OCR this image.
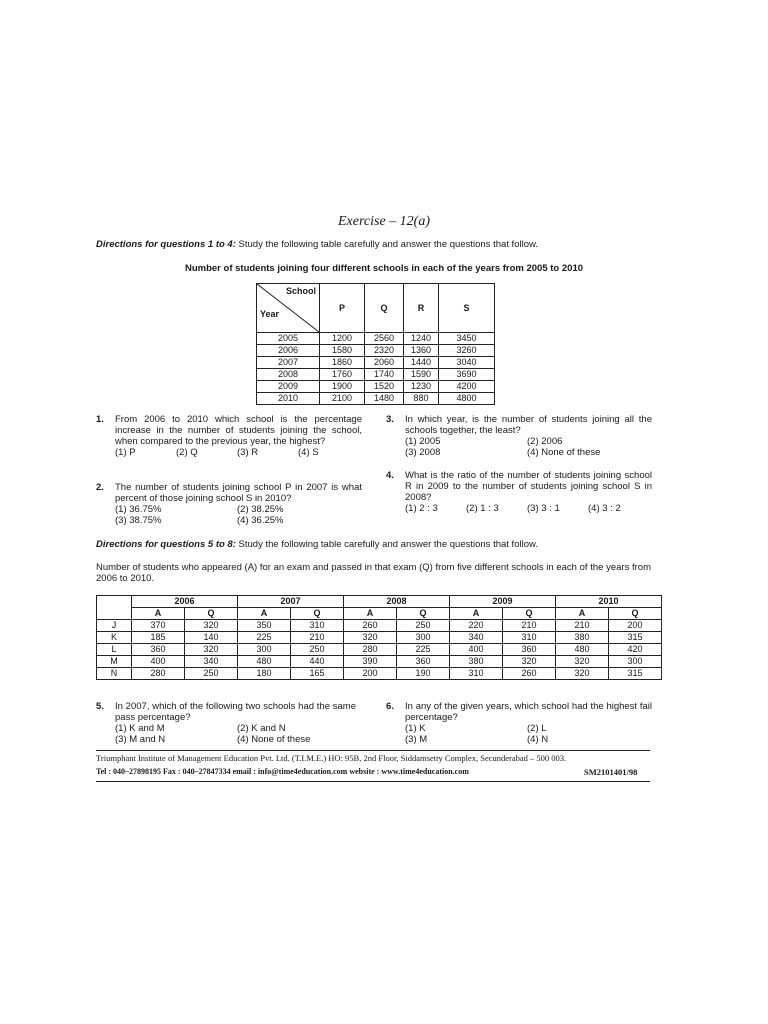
Exercise – 12(a)
Directions for questions 1 to 4: Study the following table carefully and answer the questions that follow.
Number of students joining four different schools in each of the years from 2005 to 2010
School
Year	P	Q	R	S
2005	1200	2560	1240	3450
2006	1580	2320	1360	3260
2007	1860	2060	1440	3040
2008	1760	1740	1590	3690
2009	1900	1520	1230	4200
2010	2100	1480	880	4800
1. From 2006 to 2010 which school is the percentage increase in the number of students joining the school, when compared to the previous year, the highest?
(1) P	(2) Q	(3) R	(4) S
2. The number of students joining school P in 2007 is what percent of those joining school S in 2010?
(1) 36.75%	(2) 38.25%
(3) 38.75%	(4) 36.25%
3. In which year, is the number of students joining all the schools together, the least?
(1) 2005	(2) 2006
(3) 2008	(4) None of these
4. What is the ratio of the number of students joining school R in 2009 to the number of students joining school S in 2008?
(1) 2 : 3	(2) 1 : 3	(3) 3 : 1	(4) 3 : 2
Directions for questions 5 to 8: Study the following table carefully and answer the questions that follow.
Number of students who appeared (A) for an exam and passed in that exam (Q) from five different schools in each of the years from 2006 to 2010.
	2006		2007		2008		2009		2010	
	A	Q	A	Q	A	Q	A	Q	A	Q
J	370	320	350	310	260	250	220	210	210	200
K	185	140	225	210	320	300	340	310	380	315
L	360	320	300	250	280	225	400	360	480	420
M	400	340	480	440	390	360	380	320	320	300
N	280	250	180	165	200	190	310	260	320	315
5. In 2007, which of the following two schools had the same pass percentage?
(1) K and M	(2) K and N
(3) M and N	(4) None of these
6. In any of the given years, which school had the highest fail percentage?
(1) K	(2) L
(3) M	(4) N
Triumphant Institute of Management Education Pvt. Ltd. (T.I.M.E.) HO: 95B, 2nd Floor, Siddamsetty Complex, Secunderabad – 500 003.
Tel : 040–27898195 Fax : 040–27847334 email : info@time4education.com website : www.time4education.com	SM2101401/98
